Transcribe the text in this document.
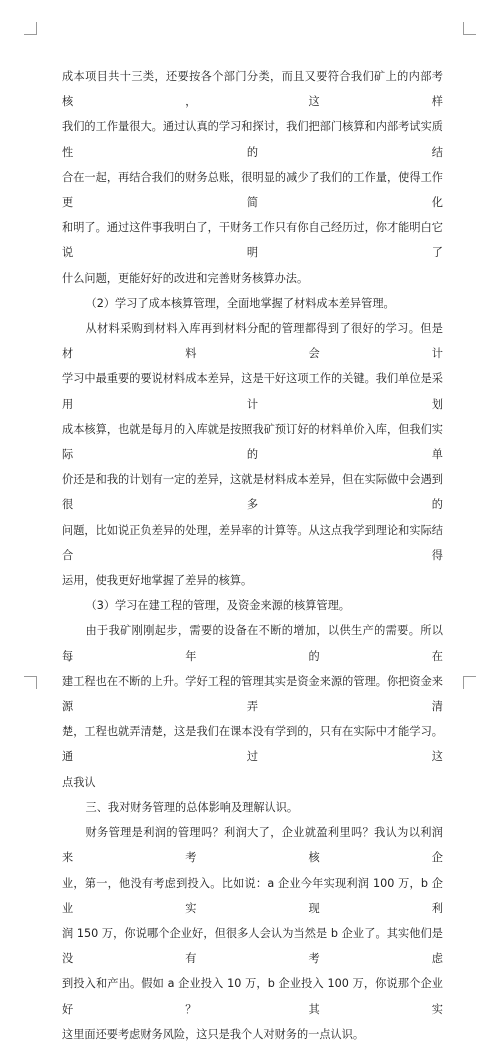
成本项目共十三类，还要按各个部门分类，而且又要符合我们矿上的内部考核，这样
我们的工作量很大。通过认真的学习和探讨，我们把部门核算和内部考试实质性的结
合在一起，再结合我们的财务总账，很明显的减少了我们的工作量，使得工作更简化
和明了。通过这件事我明白了，干财务工作只有你自己经历过，你才能明白它说明了
什么问题，更能好好的改进和完善财务核算办法。
（2）学习了成本核算管理，全面地掌握了材料成本差异管理。
从材料采购到材料入库再到材料分配的管理都得到了很好的学习。但是材料会计
学习中最重要的要说材料成本差异，这是干好这项工作的关键。我们单位是采用计划
成本核算，也就是每月的入库就是按照我矿预订好的材料单价入库，但我们实际的单
价还是和我的计划有一定的差异，这就是材料成本差异，但在实际做中会遇到很多的
问题，比如说正负差异的处理，差异率的计算等。从这点我学到理论和实际结合得
运用，使我更好地掌握了差异的核算。
（3）学习在建工程的管理，及资金来源的核算管理。
由于我矿刚刚起步，需要的设备在不断的增加，以供生产的需要。所以每年的在
建工程也在不断的上升。学好工程的管理其实是资金来源的管理。你把资金来源弄清
楚，工程也就弄清楚，这是我们在课本没有学到的，只有在实际中才能学习。通过这
点我认
三、我对财务管理的总体影响及理解认识。
财务管理是利润的管理吗？利润大了，企业就盈利里吗？我认为以利润来考核企
业，第一，他没有考虑到投入。比如说：a 企业今年实现利润 100 万，b 企业实现利
润 150 万，你说哪个企业好，但很多人会认为当然是 b 企业了。其实他们是没有考虑
到投入和产出。假如 a 企业投入 10 万，b 企业投入 100 万，你说那个企业好？其实
这里面还要考虑财务风险，这只是我个人对财务的一点认识。
